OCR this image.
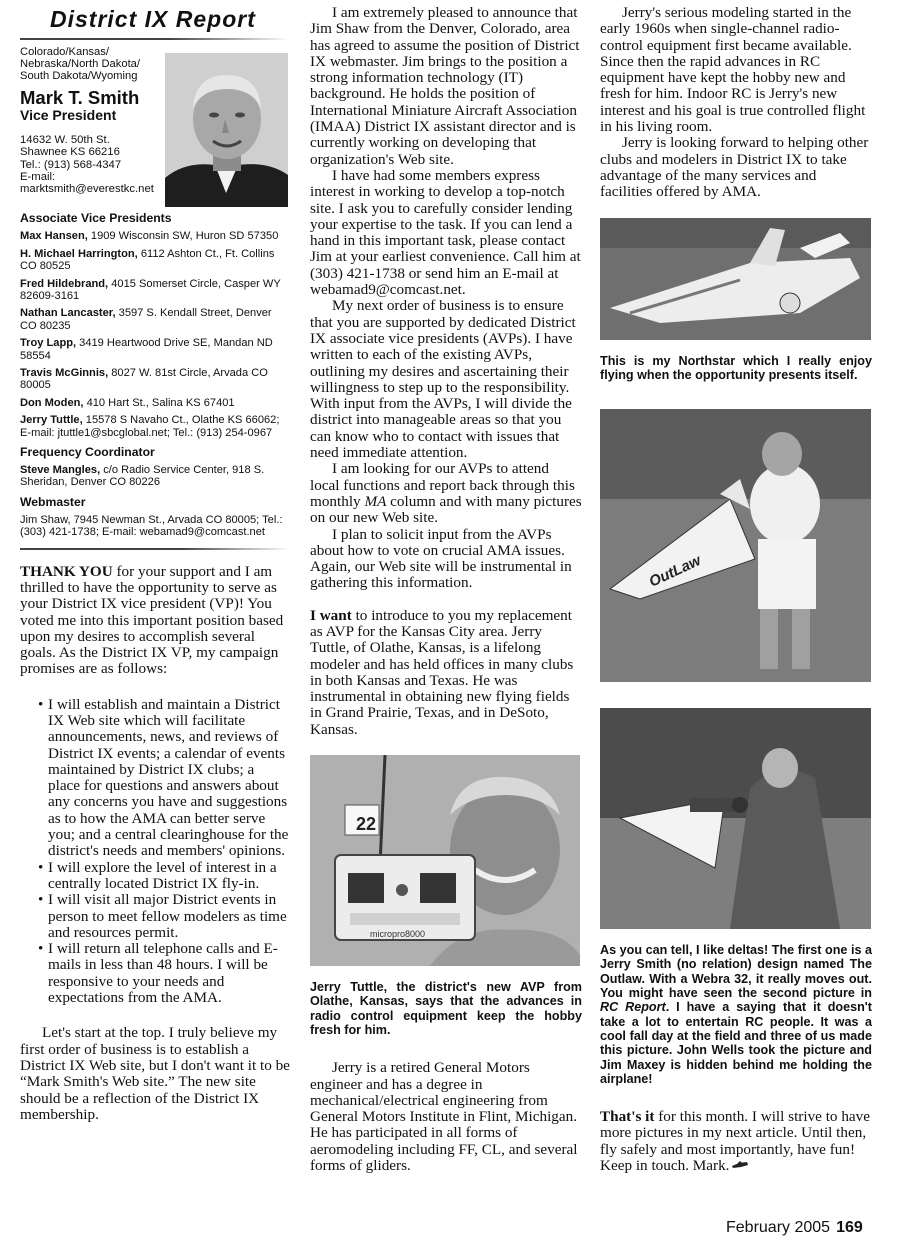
District IX Report
Colorado/Kansas/
Nebraska/North Dakota/
South Dakota/Wyoming
Mark T. Smith
Vice President
14632 W. 50th St.
Shawnee KS 66216
Tel.: (913) 568-4347
E-mail:
marktsmith@everestkc.net
Associate Vice Presidents
Max Hansen, 1909 Wisconsin SW, Huron SD 57350
H. Michael Harrington, 6112 Ashton Ct., Ft. Collins CO 80525
Fred Hildebrand, 4015 Somerset Circle, Casper WY 82609-3161
Nathan Lancaster, 3597 S. Kendall Street, Denver CO 80235
Troy Lapp, 3419 Heartwood Drive SE, Mandan ND 58554
Travis McGinnis, 8027 W. 81st Circle, Arvada CO 80005
Don Moden, 410 Hart St., Salina KS 67401
Jerry Tuttle, 15578 S Navaho Ct., Olathe KS 66062; E-mail: jtuttle1@sbcglobal.net; Tel.: (913) 254-0967
Frequency Coordinator
Steve Mangles, c/o Radio Service Center, 918 S. Sheridan, Denver CO 80226
Webmaster
Jim Shaw, 7945 Newman St., Arvada CO 80005; Tel.: (303) 421-1738; E-mail: webamad9@comcast.net
THANK YOU for your support and I am thrilled to have the opportunity to serve as your District IX vice president (VP)! You voted me into this important position based upon my desires to accomplish several goals. As the District IX VP, my campaign promises are as follows:
• I will establish and maintain a District IX Web site which will facilitate announcements, news, and reviews of District IX events; a calendar of events maintained by District IX clubs; a place for questions and answers about any concerns you have and suggestions as to how the AMA can better serve you; and a central clearinghouse for the district's needs and members' opinions.
• I will explore the level of interest in a centrally located District IX fly-in.
• I will visit all major District events in person to meet fellow modelers as time and resources permit.
• I will return all telephone calls and E-mails in less than 48 hours. I will be responsive to your needs and expectations from the AMA.

Let's start at the top. I truly believe my first order of business is to establish a District IX Web site, but I don't want it to be “Mark Smith's Web site.” The new site should be a reflection of the District IX membership.

I am extremely pleased to announce that Jim Shaw from the Denver, Colorado, area has agreed to assume the position of District IX webmaster. Jim brings to the position a strong information technology (IT) background. He holds the position of International Miniature Aircraft Association (IMAA) District IX assistant director and is currently working on developing that organization's Web site.

I have had some members express interest in working to develop a top-notch site. I ask you to carefully consider lending your expertise to the task. If you can lend a hand in this important task, please contact Jim at your earliest convenience. Call him at (303) 421-1738 or send him an E-mail at webamad9@comcast.net.

My next order of business is to ensure that you are supported by dedicated District IX associate vice presidents (AVPs). I have written to each of the existing AVPs, outlining my desires and ascertaining their willingness to step up to the responsibility. With input from the AVPs, I will divide the district into manageable areas so that you can know who to contact with issues that need immediate attention.

I am looking for our AVPs to attend local functions and report back through this monthly MA column and with many pictures on our new Web site.

I plan to solicit input from the AVPs about how to vote on crucial AMA issues. Again, our Web site will be instrumental in gathering this information.

I want to introduce to you my replacement as AVP for the Kansas City area. Jerry Tuttle, of Olathe, Kansas, is a lifelong modeler and has held offices in many clubs in both Kansas and Texas. He was instrumental in obtaining new flying fields in Grand Prairie, Texas, and in DeSoto, Kansas.

22
micropro8000
Jerry Tuttle, the district's new AVP from Olathe, Kansas, says that the advances in radio control equipment keep the hobby fresh for him.

Jerry is a retired General Motors engineer and has a degree in mechanical/electrical engineering from General Motors Institute in Flint, Michigan. He has participated in all forms of aeromodeling including FF, CL, and several forms of gliders.

Jerry's serious modeling started in the early 1960s when single-channel radio-control equipment first became available. Since then the rapid advances in RC equipment have kept the hobby new and fresh for him. Indoor RC is Jerry's new interest and his goal is true controlled flight in his living room.

Jerry is looking forward to helping other clubs and modelers in District IX to take advantage of the many services and facilities offered by AMA.

This is my Northstar which I really enjoy flying when the opportunity presents itself.
OutLaw
As you can tell, I like deltas! The first one is a Jerry Smith (no relation) design named The Outlaw. With a Webra 32, it really moves out. You might have seen the second picture in RC Report. I have a saying that it doesn't take a lot to entertain RC people. It was a cool fall day at the field and three of us made this picture. John Wells took the picture and Jim Maxey is hidden behind me holding the airplane!

That's it for this month. I will strive to have more pictures in my next article. Until then, fly safely and most importantly, have fun! Keep in touch. Mark.

February 2005 169
